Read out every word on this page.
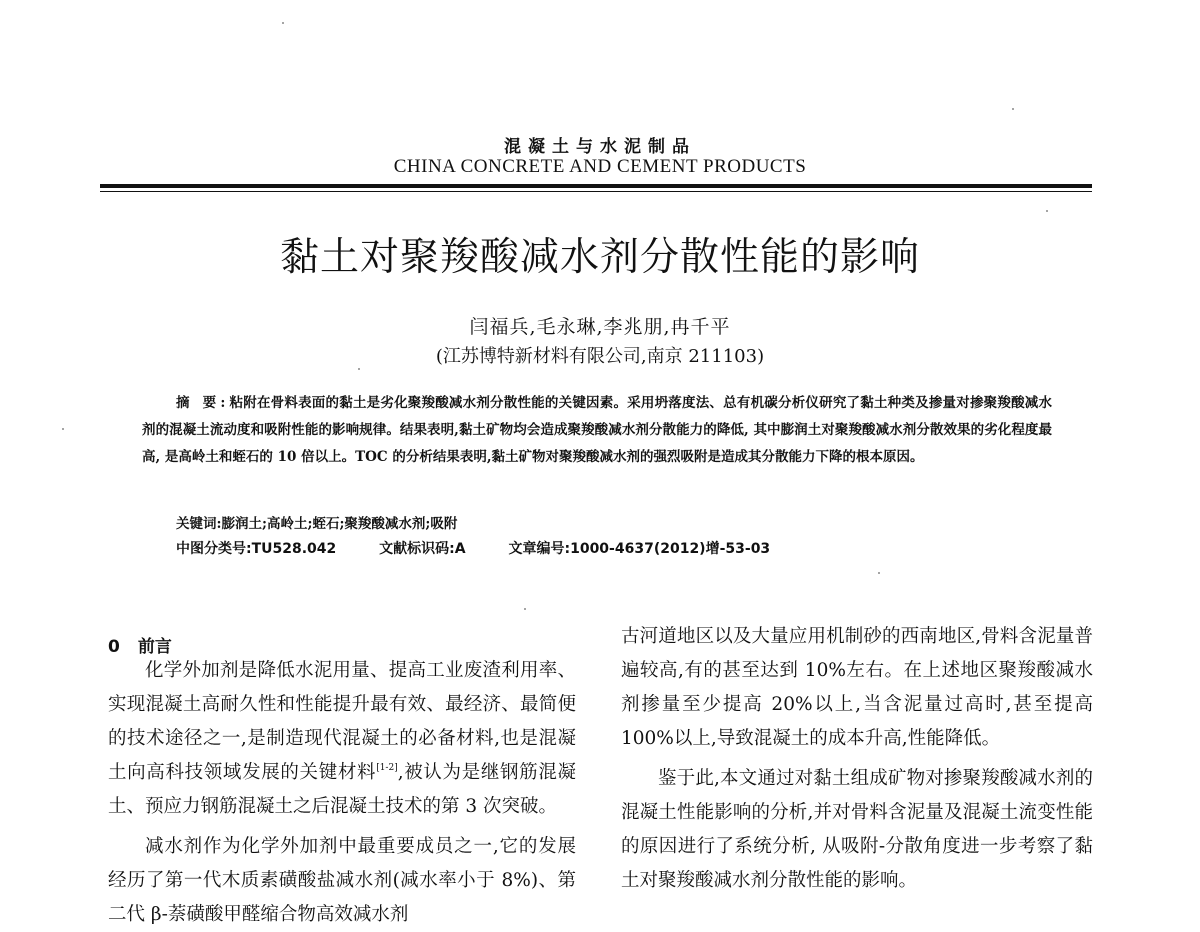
混凝土与水泥制品
CHINA CONCRETE AND CEMENT PRODUCTS
黏土对聚羧酸减水剂分散性能的影响
闫福兵,毛永琳,李兆朋,冉千平
(江苏博特新材料有限公司,南京 211103)
摘 要:粘附在骨料表面的黏土是劣化聚羧酸减水剂分散性能的关键因素。采用坍落度法、总有机碳分析仪研究了黏土种类及掺量对掺聚羧酸减水剂的混凝土流动度和吸附性能的影响规律。结果表明,黏土矿物均会造成聚羧酸减水剂分散能力的降低, 其中膨润土对聚羧酸减水剂分散效果的劣化程度最高, 是高岭土和蛭石的 10 倍以上。TOC 的分析结果表明,黏土矿物对聚羧酸减水剂的强烈吸附是造成其分散能力下降的根本原因。
关键词:膨润土;高岭土;蛭石;聚羧酸减水剂;吸附
中图分类号:TU528.042	文献标识码:A	文章编号:1000-4637(2012)增-53-03
0 前言

化学外加剂是降低水泥用量、提高工业废渣利用率、实现混凝土高耐久性和性能提升最有效、最经济、最简便的技术途径之一,是制造现代混凝土的必备材料,也是混凝土向高科技领域发展的关键材料[1-2],被认为是继钢筋混凝土、预应力钢筋混凝土之后混凝土技术的第 3 次突破。

减水剂作为化学外加剂中最重要成员之一,它的发展经历了第一代木质素磺酸盐减水剂(减水率小于 8%)、第二代 β-萘磺酸甲醛缩合物高效减水剂

古河道地区以及大量应用机制砂的西南地区,骨料含泥量普遍较高,有的甚至达到 10%左右。在上述地区聚羧酸减水剂掺量至少提高 20%以上,当含泥量过高时,甚至提高 100%以上,导致混凝土的成本升高,性能降低。

鉴于此,本文通过对黏土组成矿物对掺聚羧酸减水剂的混凝土性能影响的分析,并对骨料含泥量及混凝土流变性能的原因进行了系统分析, 从吸附-分散角度进一步考察了黏土对聚羧酸减水剂分散性能的影响。
